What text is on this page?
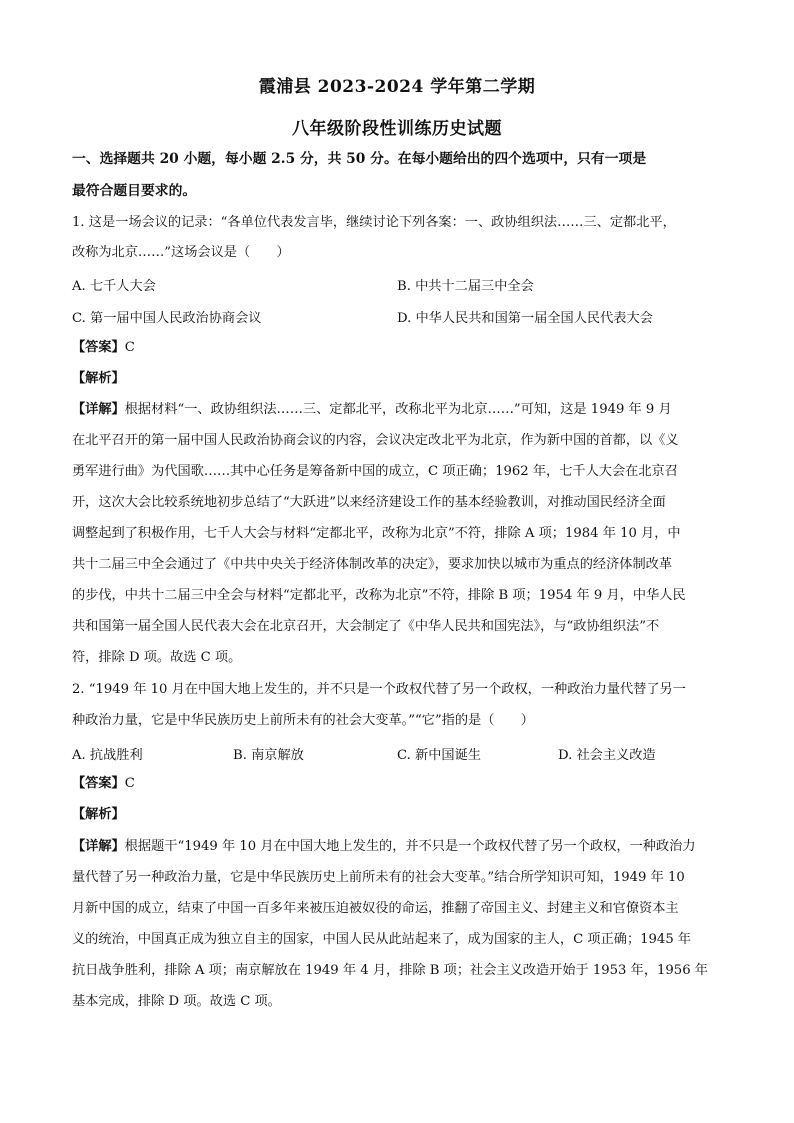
霞浦县 2023-2024 学年第二学期
八年级阶段性训练历史试题
一、选择题共 20 小题，每小题 2.5 分，共 50 分。在每小题给出的四个选项中，只有一项是
最符合题目要求的。
1. 这是一场会议的记录：“各单位代表发言毕，继续讨论下列各案：一、政协组织法……三、定都北平，
改称为北京……”这场会议是（　　）
A. 七千人大会	B. 中共十二届三中全会
C. 第一届中国人民政治协商会议	D. 中华人民共和国第一届全国人民代表大会
【答案】C
【解析】
【详解】根据材料“一、政协组织法……三、定都北平，改称北平为北京……”可知，这是 1949 年 9 月
在北平召开的第一届中国人民政治协商会议的内容，会议决定改北平为北京，作为新中国的首都，以《义
勇军进行曲》为代国歌……其中心任务是筹备新中国的成立，C 项正确；1962 年，七千人大会在北京召
开，这次大会比较系统地初步总结了“大跃进”以来经济建设工作的基本经验教训，对推动国民经济全面
调整起到了积极作用，七千人大会与材料“定都北平，改称为北京”不符，排除 A 项；1984 年 10 月，中
共十二届三中全会通过了《中共中央关于经济体制改革的决定》，要求加快以城市为重点的经济体制改革
的步伐，中共十二届三中全会与材料“定都北平，改称为北京”不符，排除 B 项；1954 年 9 月，中华人民
共和国第一届全国人民代表大会在北京召开，大会制定了《中华人民共和国宪法》，与“政协组织法”不
符，排除 D 项。故选 C 项。
2. “1949 年 10 月在中国大地上发生的，并不只是一个政权代替了另一个政权，一种政治力量代替了另一
种政治力量，它是中华民族历史上前所未有的社会大变革。”“它”指的是（　　）
A. 抗战胜利	B. 南京解放	C. 新中国诞生	D. 社会主义改造
【答案】C
【解析】
【详解】根据题干“1949 年 10 月在中国大地上发生的，并不只是一个政权代替了另一个政权，一种政治力
量代替了另一种政治力量，它是中华民族历史上前所未有的社会大变革。”结合所学知识可知，1949 年 10
月新中国的成立，结束了中国一百多年来被压迫被奴役的命运，推翻了帝国主义、封建主义和官僚资本主
义的统治，中国真正成为独立自主的国家，中国人民从此站起来了，成为国家的主人，C 项正确；1945 年
抗日战争胜利，排除 A 项；南京解放在 1949 年 4 月，排除 B 项；社会主义改造开始于 1953 年，1956 年
基本完成，排除 D 项。故选 C 项。
